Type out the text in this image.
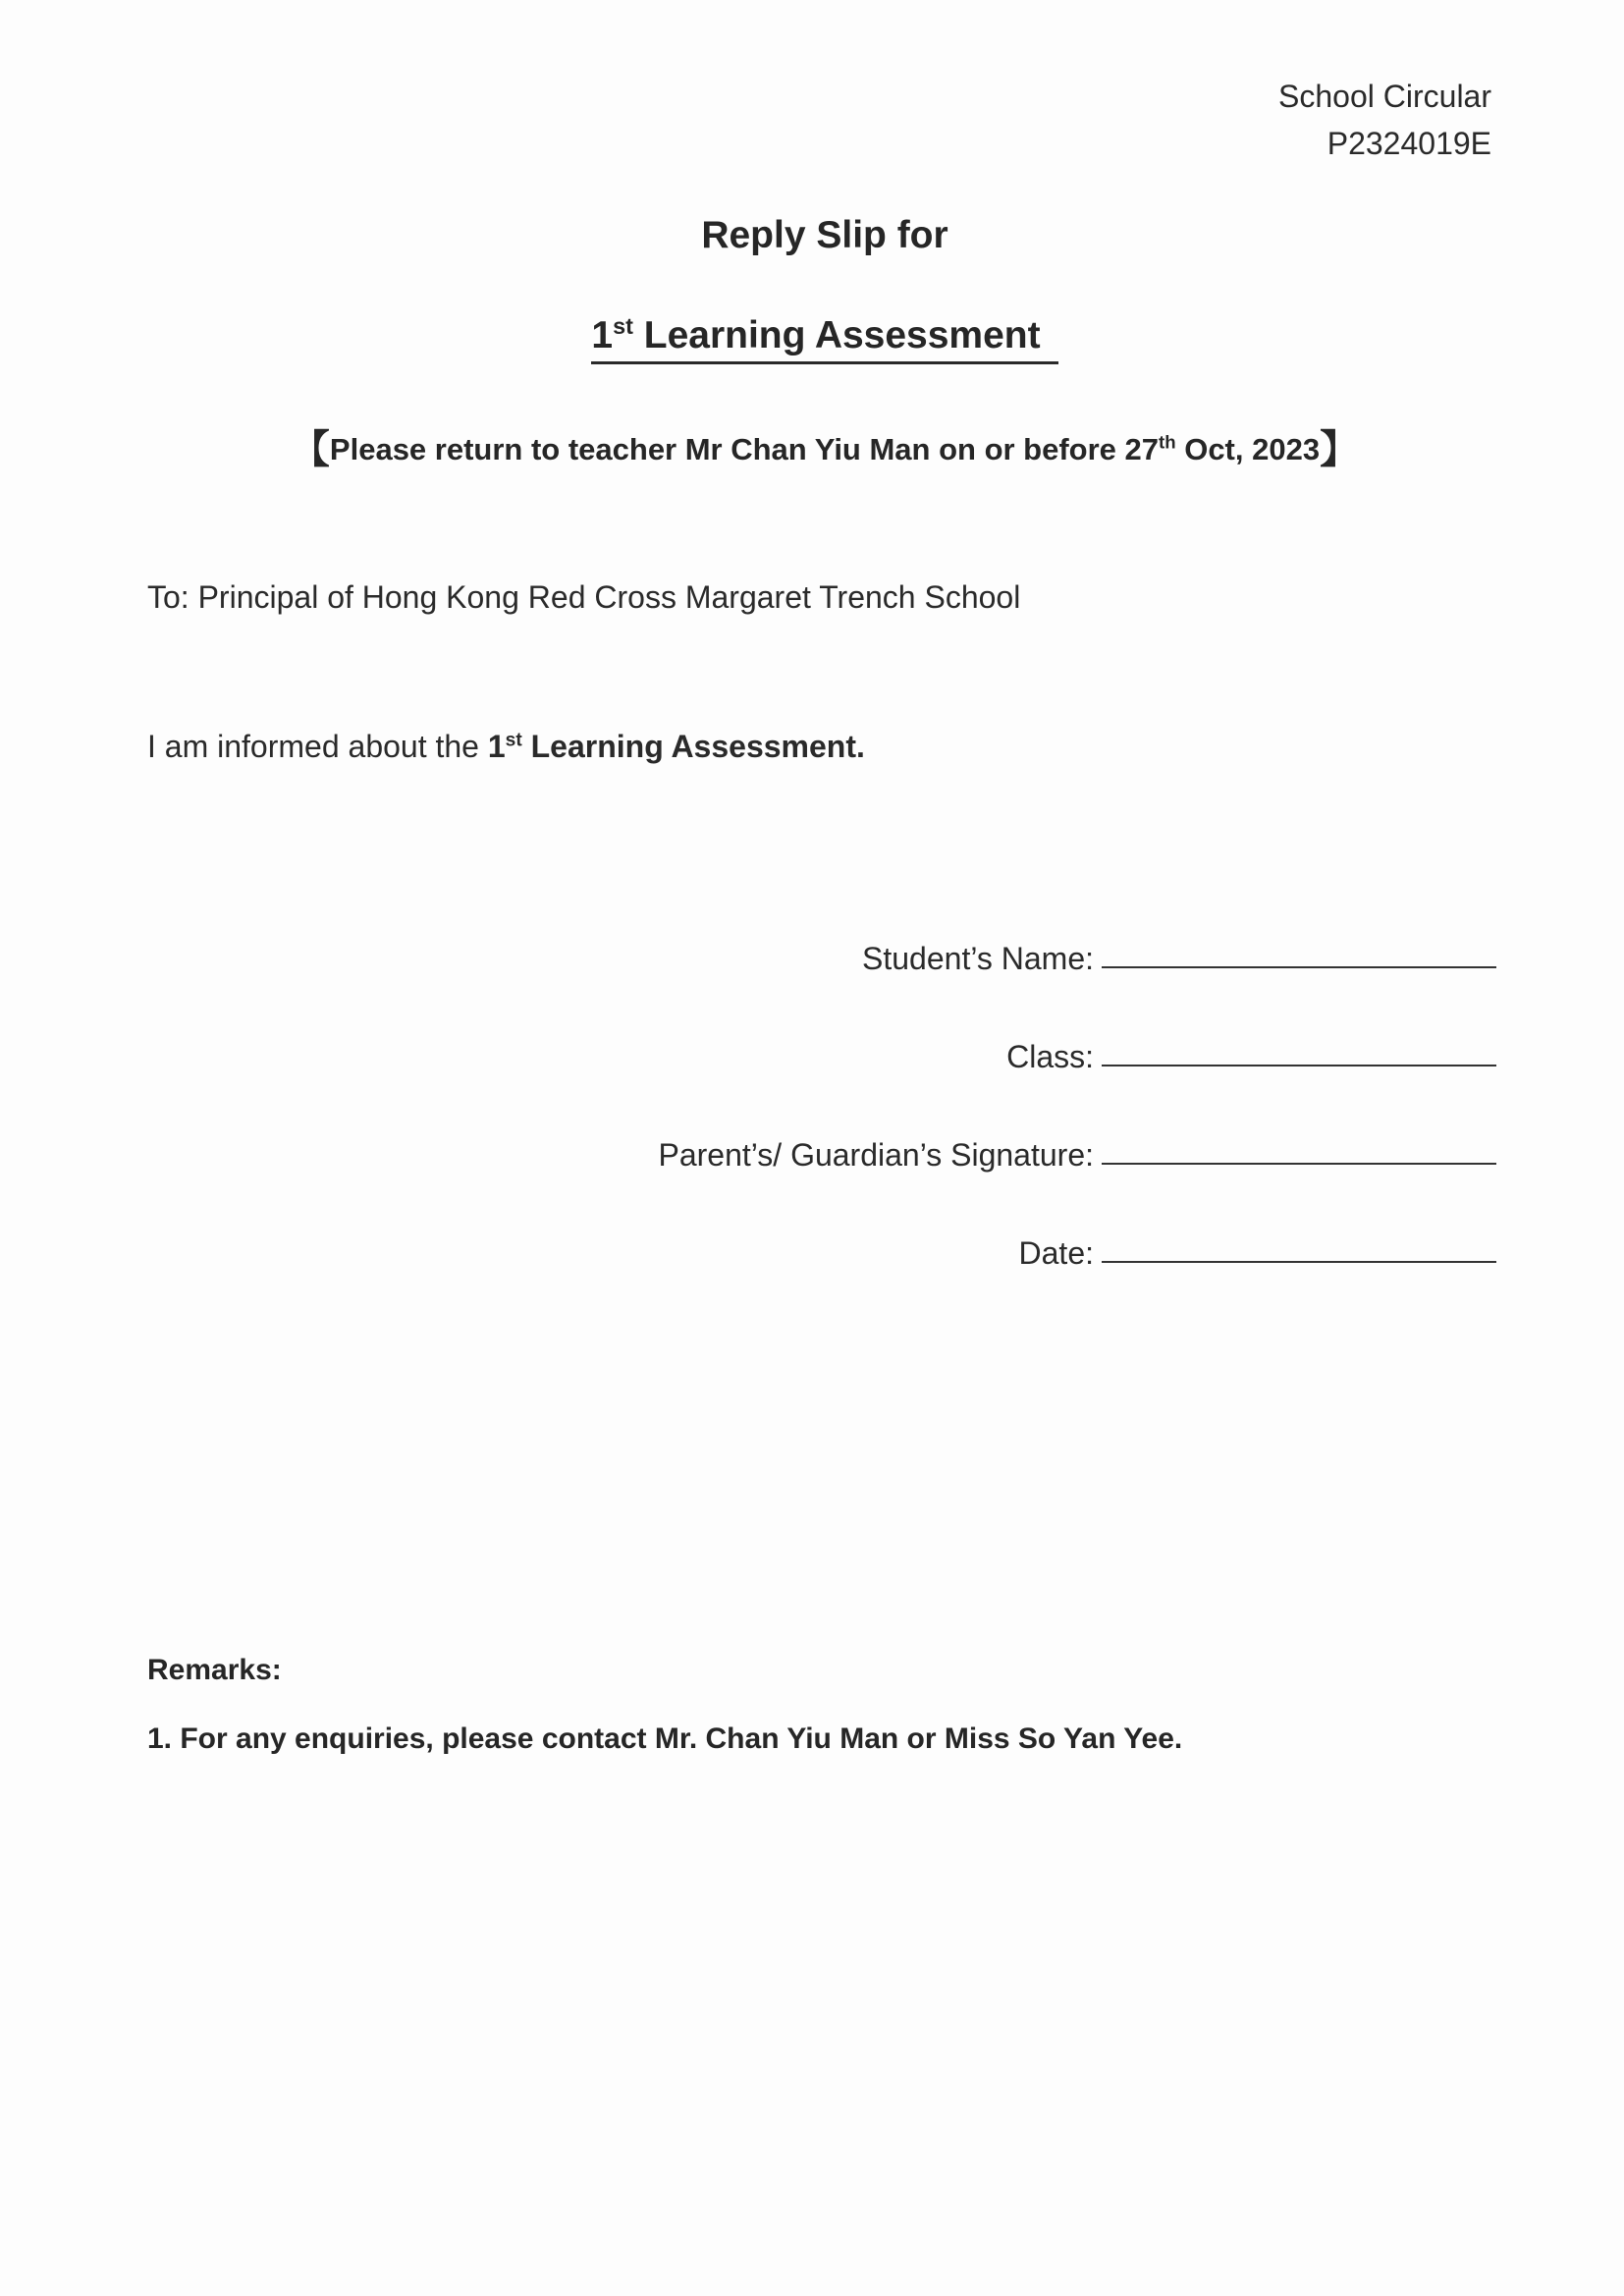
School Circular
P2324019E
Reply Slip for
1st Learning Assessment
【Please return to teacher Mr Chan Yiu Man on or before 27th Oct, 2023】
To: Principal of Hong Kong Red Cross Margaret Trench School
I am informed about the 1st Learning Assessment.
Student’s Name:
Class:
Parent’s/ Guardian’s Signature:
Date:
Remarks:
1. For any enquiries, please contact Mr. Chan Yiu Man or Miss So Yan Yee.
